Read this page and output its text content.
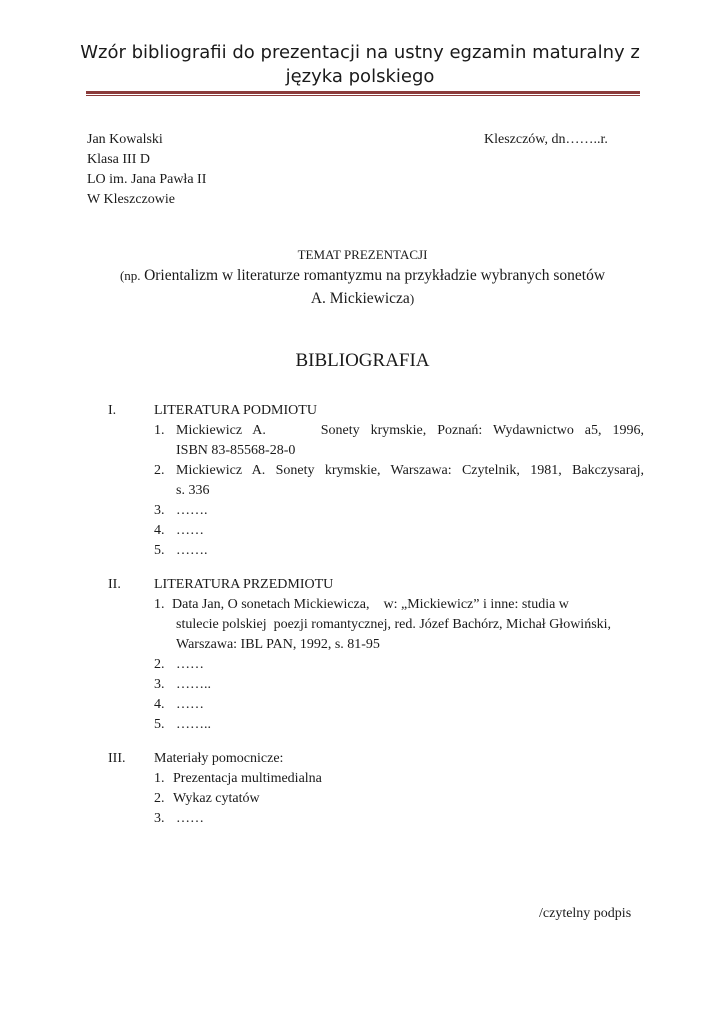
Wzór bibliografii do prezentacji na ustny egzamin maturalny z
języka polskiego
Jan Kowalski
Klasa III D
LO im. Jana Pawła II
W Kleszczowie
Kleszczów, dn……..r.
TEMAT PREZENTACJI
(np. Orientalizm w literaturze romantyzmu na przykładzie wybranych sonetów
A. Mickiewicza)
BIBLIOGRAFIA
I.	LITERATURA PODMIOTU
1. Mickiewicz A.     Sonety krymskie, Poznań: Wydawnictwo a5, 1996,
ISBN 83-85568-28-0
2. Mickiewicz A. Sonety krymskie, Warszawa: Czytelnik, 1981, Bakczysaraj,
s. 336
3. …….
4. ……
5. …….
II. LITERATURA PRZEDMIOTU
1. Data Jan, O sonetach Mickiewicza,    w: „Mickiewicz” i inne: studia w
stulecie polskiej  poezji romantycznej, red. Józef Bachórz, Michał Głowiński,
Warszawa: IBL PAN, 1992, s. 81-95
2. ……
3. ……..
4. ……
5. ……..
III. Materiały pomocnicze:
1. Prezentacja multimedialna
2. Wykaz cytatów
3. ……
/czytelny podpis
